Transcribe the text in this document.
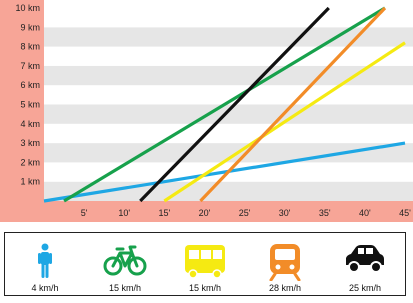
1 km
2 km
3 km
4 km
5 km
6 km
7 km
8 km
9 km
10 km
5'	10'	15'	20'	25'	30'	35'	40'	45'
4 km/h	15 km/h	15 km/h	28 km/h	25 km/h
